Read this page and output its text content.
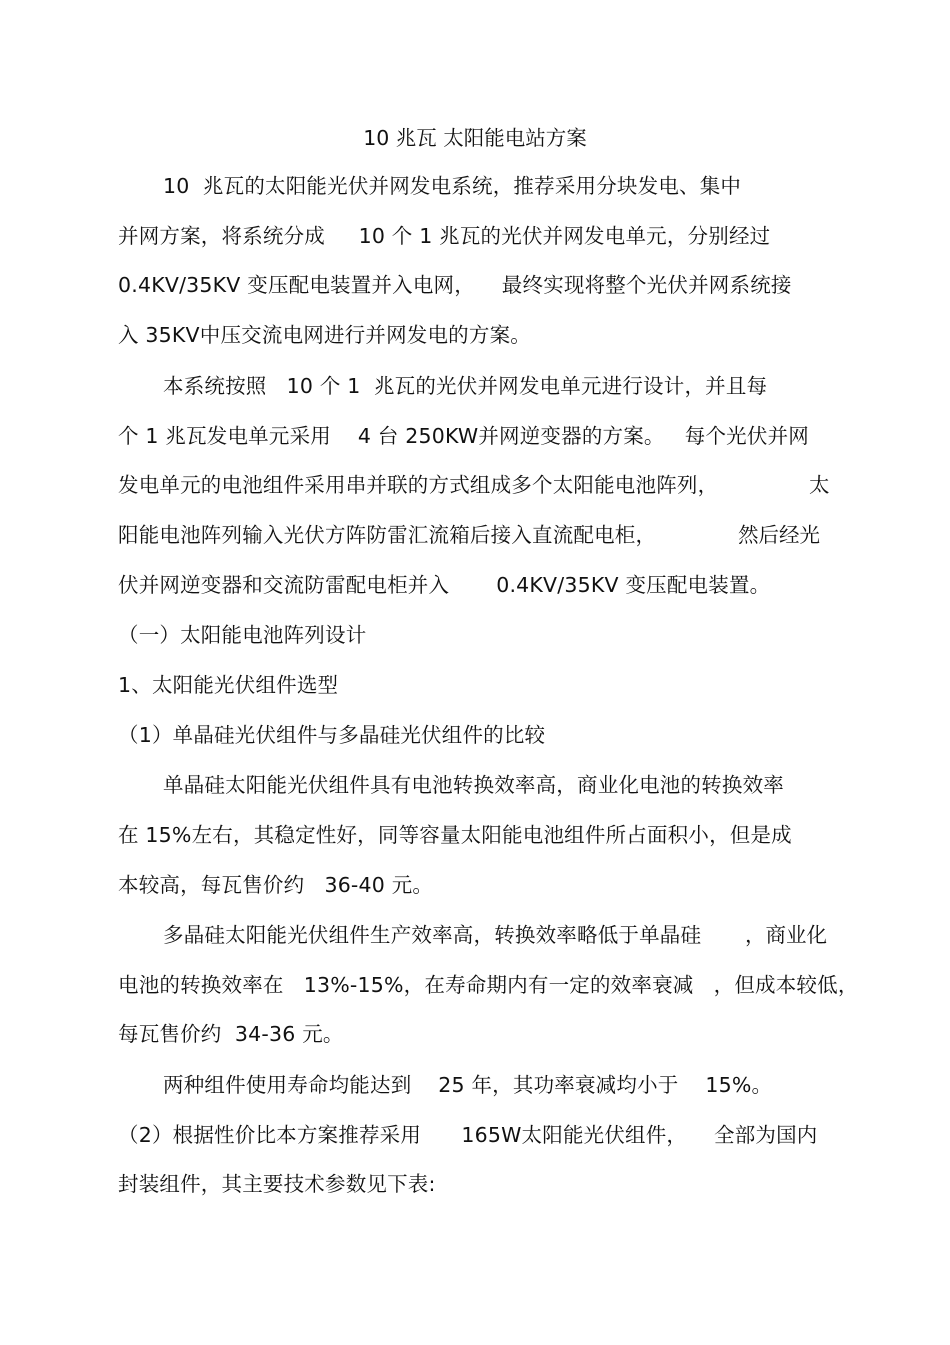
10 兆瓦 太阳能电站方案
10  兆瓦的太阳能光伏并网发电系统，推荐采用分块发电、集中
并网方案，将系统分成     10 个 1 兆瓦的光伏并网发电单元，分别经过
0.4KV/35KV 变压配电装置并入电网，    最终实现将整个光伏并网系统接
入 35KV中压交流电网进行并网发电的方案。
本系统按照   10 个 1  兆瓦的光伏并网发电单元进行设计，并且每
个 1 兆瓦发电单元采用    4 台 250KW并网逆变器的方案。   每个光伏并网
发电单元的电池组件采用串并联的方式组成多个太阳能电池阵列，	太
阳能电池阵列输入光伏方阵防雷汇流箱后接入直流配电柜，	然后经光
伏并网逆变器和交流防雷配电柜并入       0.4KV/35KV 变压配电装置。
（一）太阳能电池阵列设计
1、太阳能光伏组件选型
（1）单晶硅光伏组件与多晶硅光伏组件的比较
单晶硅太阳能光伏组件具有电池转换效率高，商业化电池的转换效率
在 15%左右，其稳定性好，同等容量太阳能电池组件所占面积小，但是成
本较高，每瓦售价约   36-40 元。
多晶硅太阳能光伏组件生产效率高，转换效率略低于单晶硅 ，商业化
电池的转换效率在   13%-15%，在寿命期内有一定的效率衰减   ，但成本较低，
每瓦售价约  34-36 元。
两种组件使用寿命均能达到    25 年，其功率衰减均小于    15%。
（2）根据性价比本方案推荐采用      165W太阳能光伏组件，    全部为国内
封装组件，其主要技术参数见下表:
